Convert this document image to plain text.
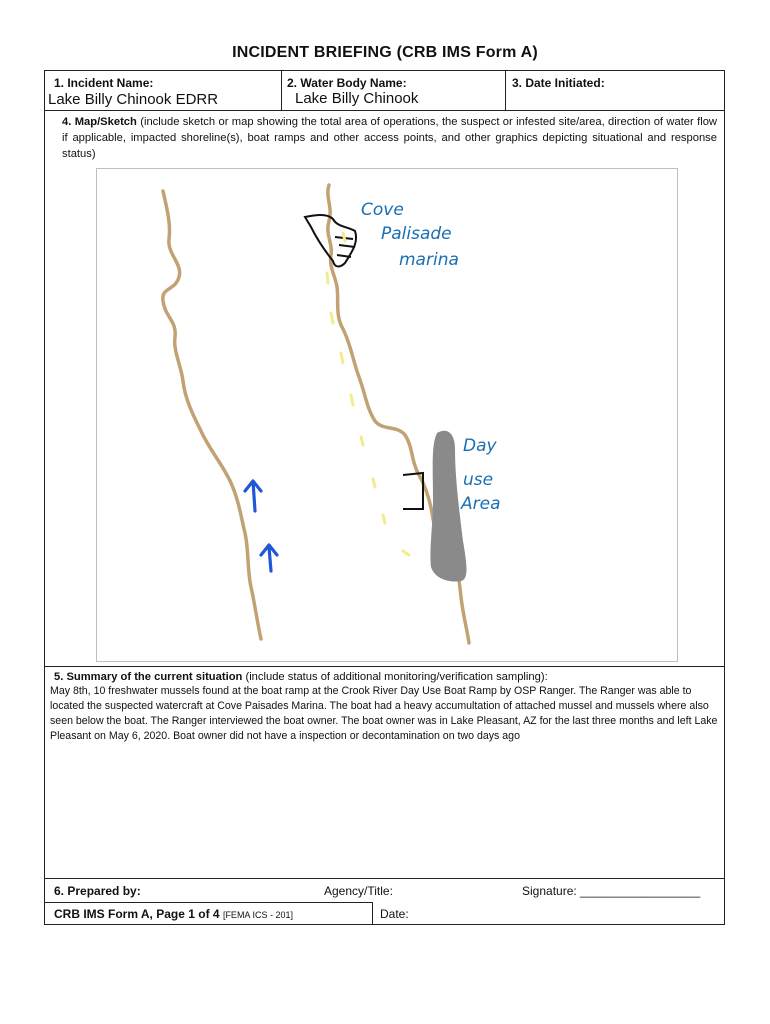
INCIDENT BRIEFING (CRB IMS Form A)
1. Incident Name:
Lake Billy Chinook EDRR
2. Water Body Name:
Lake Billy Chinook
3. Date Initiated:
4. Map/Sketch (include sketch or map showing the total area of operations, the suspect or infested site/area, direction of water flow if applicable, impacted shoreline(s), boat ramps and other access points, and other graphics depicting situational and response status)
Cove
Palisade
marina
Day
use
Area
5. Summary of the current situation (include status of additional monitoring/verification sampling):
May 8th, 10 freshwater mussels found at the boat ramp at the Crook River Day Use Boat Ramp by OSP Ranger. The Ranger was able to located the suspected watercraft at Cove Paisades Marina. The boat had a heavy accumultation of attached mussel and mussels where also seen below the boat. The Ranger interviewed the boat owner. The boat owner was in Lake Pleasant, AZ for the last three months and left Lake Pleasant on May 6, 2020. Boat owner did not have a inspection or decontamination on two days ago
6. Prepared by:	Agency/Title:	Signature: __________________
CRB IMS Form A, Page 1 of 4 [FEMA ICS - 201]	Date:
